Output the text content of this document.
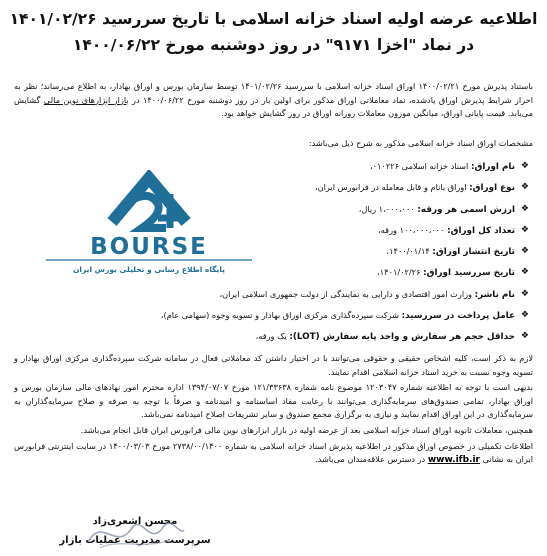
اطلاعیه عرضه اولیه اسناد خزانه اسلامی با تاریخ سررسید ۱۴۰۱/۰۲/۲۶
در نماد "اخزا ۹۱۷۱" در روز دوشنبه مورخ ۱۴۰۰/۰۶/۲۲

باستناد پذیرش مورخ ۱۴۰۰/۰۲/۲۱ اوراق اسناد خزانه اسلامی با سررسید ۱۴۰۱/۰۲/۲۶ توسط سازمان بورس و اوراق بهادار، به اطلاع می‌رساند؛ نظر به احراز شرایط پذیرش اوراق یادشده، نماد معاملاتی اوراق مذکور برای اولین بار در روز دوشنبه مورخ ۱۴۰۰/۰۶/۲۲ در بازار ابزارهای نوین مالی گشایش می‌یابد. قیمت پایانی اوراق، میانگین موزون معاملات روزانه اوراق در روز گشایش خواهد بود.

مشخصات اوراق اسناد خزانه اسلامی مذکور به شرح ذیل می‌باشد:

❖
نام اوراق: اسناد خزانه اسلامی ۰۱۰۲۲۶،
❖
نوع اوراق: اوراق بانام و قابل معامله در فرابورس ایران،
❖
ارزش اسمی هر ورقه: ۱،۰۰۰،۰۰۰ ریال،
❖
تعداد کل اوراق: ۱۰۰،۰۰۰،۰۰۰ ورقه،
❖
تاریخ انتشار اوراق: ۱۴۰۰/۰۱/۱۴،
❖
تاریخ سررسید اوراق: ۱۴۰۱/۰۲/۲۶،
❖
نام ناشر: وزارت امور اقتصادی و دارایی به نمایندگی از دولت جمهوری اسلامی ایران،
❖
عامل پرداخت در سررسید: شرکت سپرده‌گذاری مرکزی اوراق بهادار و تسویه وجوه (سهامی عام)،
❖
حداقل حجم هر سفارش و واحد پایه سفارش (LOT): یک ورقه،
BOURSE
پایگاه اطلاع رسانی و تحلیلی بورس ایران

لازم به ذکر است، کلیه اشخاص حقیقی و حقوقی می‌توانند با در اختیار داشتن کد معاملاتی فعال در سامانه شرکت سپرده‌گذاری مرکزی اوراق بهادار و تسویه وجوه نسبت به خرید اسناد خزانه اسلامی اقدام نمایند.

بدیهی است با توجه به اطلاعیه شماره ۱۲۰۳۰۴۷ موضوع نامه شماره ۱۲۱/۳۳۶۳۸ مورخ ۱۳۹۴/۰۷/۰۷ اداره محترم امور نهادهای مالی سازمان بورس و اوراق بهادار، تمامی صندوق‌های سرمایه‌گذاری می‌توانند با رعایت مفاد اساسنامه و امیدنامه و صرفاً با توجه به صرفه و صلاح سرمایه‌گذاران به سرمایه‌گذاری در این اوراق اقدام نمایند و نیازی به برگزاری مجمع صندوق و سایر تشریفات اصلاح امیدنامه نمی‌باشد.

همچنین، معاملات ثانویه اوراق اسناد خزانه اسلامی بعد از عرضه اولیه در بازار ابزارهای نوین مالی فرابورس ایران قابل انجام می‌باشد.

اطلاعات تکمیلی در خصوص اوراق مذکور در اطلاعیه پذیرش اسناد خزانه اسلامی به شماره ۲۷۳۸/۰۰/۱۴۰۰ مورخ ۱۴۰۰/۰۳/۰۳ در سایت اینترنتی فرابورس ایران به نشانی www.ifb.ir در دسترس علاقه‌مندان می‌باشد.

محسن اشعری‌زاد
سرپرست مدیریت عملیات بازار
